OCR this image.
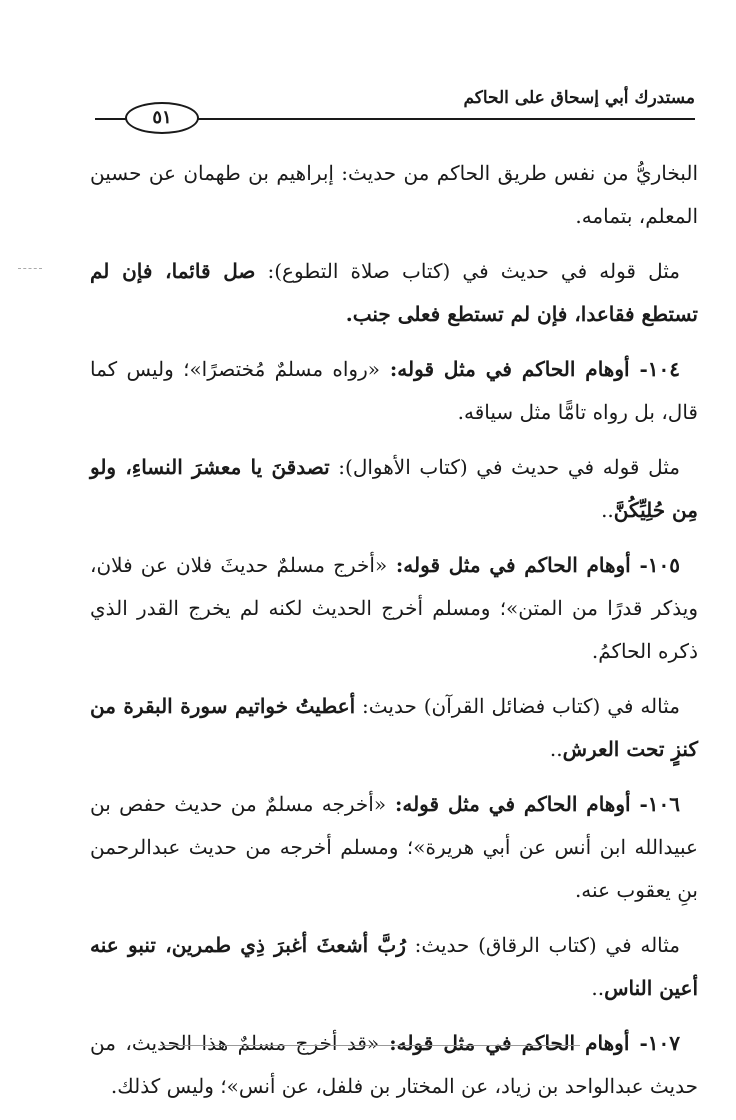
مستدرك أبي إسحاق على الحاكم
٥١

البخاريُّ من نفس طريق الحاكم من حديث: إبراهيم بن طهمان عن حسين المعلم، بتمامه.

مثل قوله في حديث في (كتاب صلاة التطوع): صل قائما، فإن لم تستطع فقاعدا، فإن لم تستطع فعلى جنب.

١٠٤- أوهام الحاكم في مثل قوله: «رواه مسلمٌ مُختصرًا»؛ وليس كما قال، بل رواه تامًّا مثل سياقه.

مثل قوله في حديث في (كتاب الأهوال): تصدقنَ يا معشرَ النساءِ، ولو مِن حُلِيِّكُنَّ..

١٠٥- أوهام الحاكم في مثل قوله: «أخرج مسلمٌ حديثَ فلان عن فلان، ويذكر قدرًا من المتن»؛ ومسلم أخرج الحديث لكنه لم يخرج القدر الذي ذكره الحاكمُ.

مثاله في (كتاب فضائل القرآن) حديث: أعطيتُ خواتيم سورة البقرة من كنزٍ تحت العرش..

١٠٦- أوهام الحاكم في مثل قوله: «أخرجه مسلمٌ من حديث حفص بن عبيدالله ابن أنس عن أبي هريرة»؛ ومسلم أخرجه من حديث عبدالرحمن بنِ يعقوب عنه.

مثاله في (كتاب الرقاق) حديث: رُبَّ أشعثَ أغبرَ ذِي طمرين، تنبو عنه أعين الناس..

١٠٧- أوهام الحاكم في مثل قوله: «قد أخرج مسلمٌ هذا الحديث، من حديث عبدالواحد بن زياد، عن المختار بن فلفل، عن أنس»؛ وليس كذلك.
